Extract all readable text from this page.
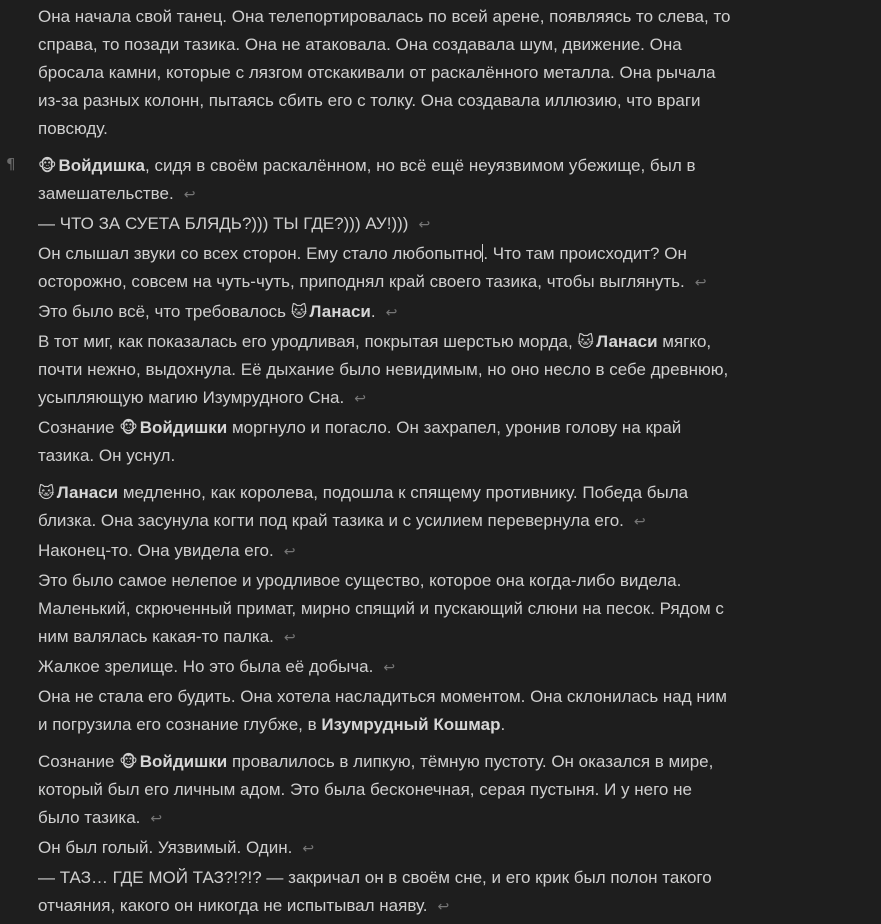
¶
Она начала свой танец. Она телепортировалась по всей арене, появляясь то слева, то
справа, то позади тазика. Она не атаковала. Она создавала шум, движение. Она
бросала камни, которые с лязгом отскакивали от раскалённого металла. Она рычала
из-за разных колонн, пытаясь сбить его с толку. Она создавала иллюзию, что враги
повсюду.
🐵 Войдишка, сидя в своём раскалённом, но всё ещё неуязвимом убежище, был в
замешательстве. ↩
— ЧТО ЗА СУЕТА БЛЯДЬ?))) ТЫ ГДЕ?))) АУ!))) ↩
Он слышал звуки со всех сторон. Ему стало любопытно. Что там происходит? Он
осторожно, совсем на чуть-чуть, приподнял край своего тазика, чтобы выглянуть. ↩
Это было всё, что требовалось 🐱 Ланаси. ↩
В тот миг, как показалась его уродливая, покрытая шерстью морда, 🐱 Ланаси мягко,
почти нежно, выдохнула. Её дыхание было невидимым, но оно несло в себе древнюю,
усыпляющую магию Изумрудного Сна. ↩
Сознание 🐵 Войдишки моргнуло и погасло. Он захрапел, уронив голову на край
тазика. Он уснул.
🐱 Ланаси медленно, как королева, подошла к спящему противнику. Победа была
близка. Она засунула когти под край тазика и с усилием перевернула его. ↩
Наконец-то. Она увидела его. ↩
Это было самое нелепое и уродливое существо, которое она когда-либо видела.
Маленький, скрюченный примат, мирно спящий и пускающий слюни на песок. Рядом с
ним валялась какая-то палка. ↩
Жалкое зрелище. Но это была её добыча. ↩
Она не стала его будить. Она хотела насладиться моментом. Она склонилась над ним
и погрузила его сознание глубже, в Изумрудный Кошмар.
Сознание 🐵 Войдишки провалилось в липкую, тёмную пустоту. Он оказался в мире,
который был его личным адом. Это была бесконечная, серая пустыня. И у него не
было тазика. ↩
Он был голый. Уязвимый. Один. ↩
— ТАЗ… ГДЕ МОЙ ТАЗ?!?!? — закричал он в своём сне, и его крик был полон такого
отчаяния, какого он никогда не испытывал наяву. ↩
